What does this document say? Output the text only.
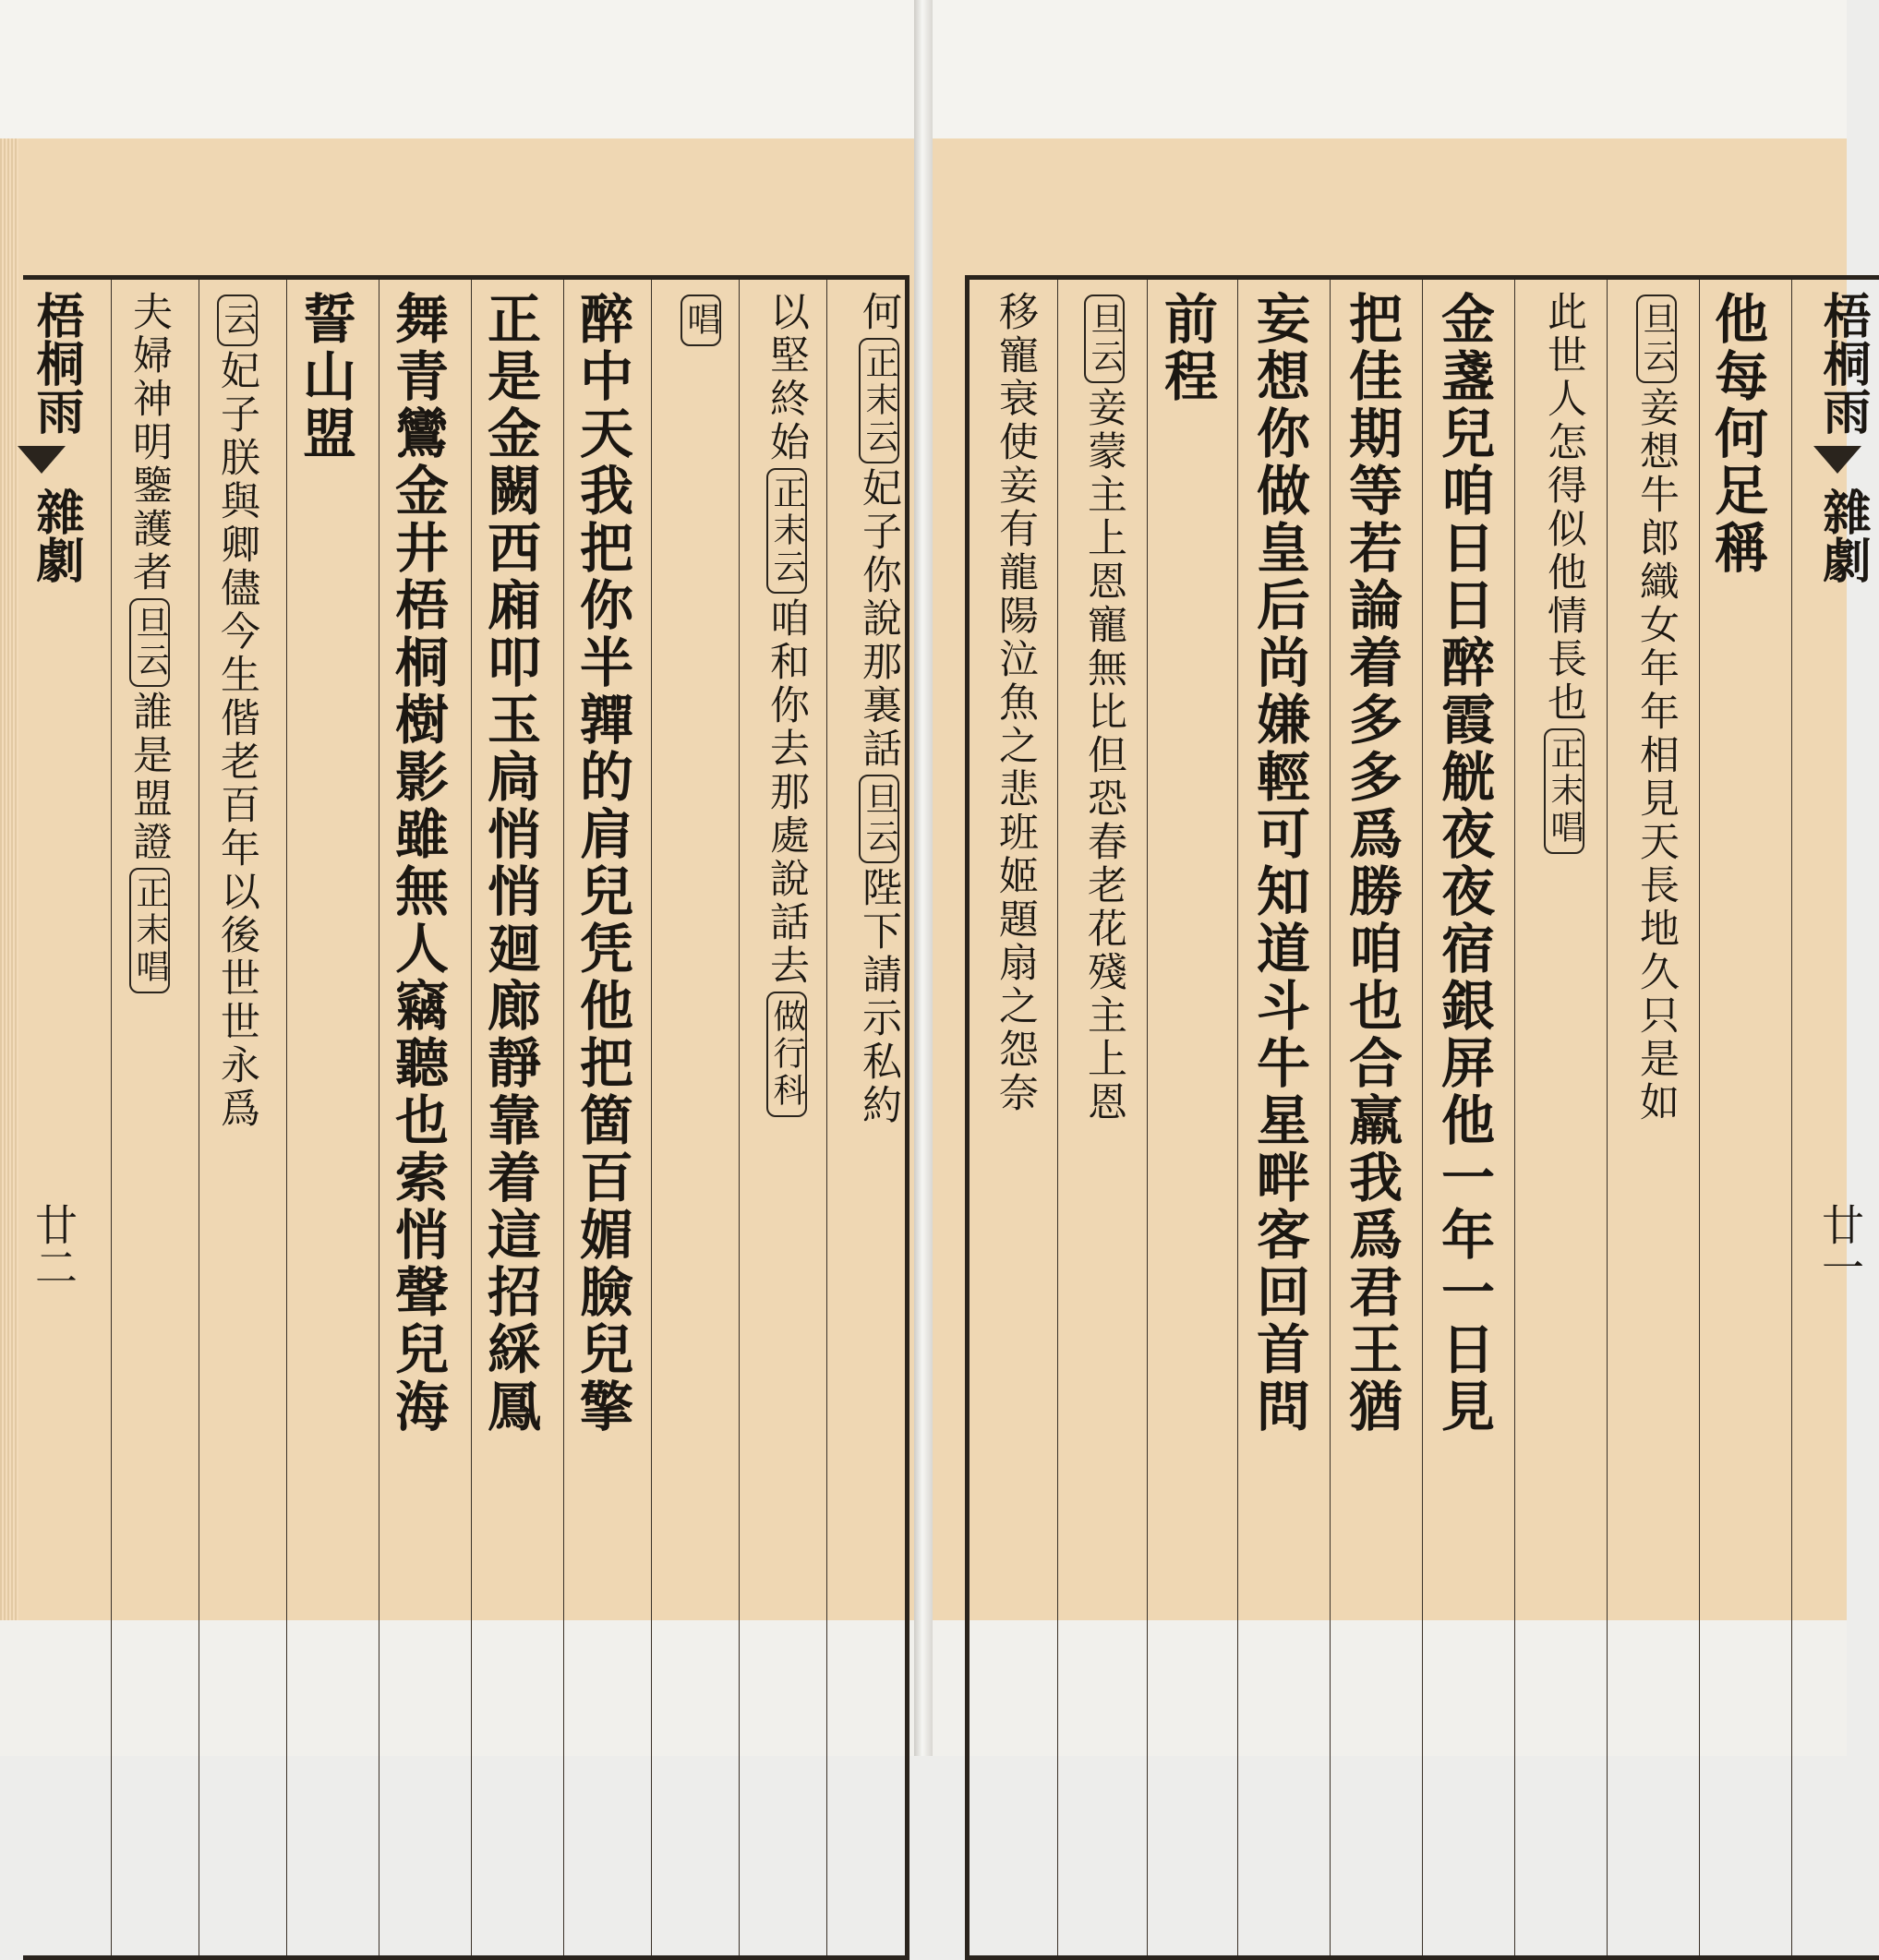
何正末云妃子你說那裏話旦云陛下請示私約
以堅終始正末云咱和你去那處說話去做行科
唱
醉中天我把你半嚲的肩兒凭他把箇百媚臉兒擎
正是金闕西廂叩玉扃悄悄廻廊靜靠着這招綵鳳
舞青鸞金井梧桐樹影雖無人竊聽也索悄聲兒海
誓山盟
云妃子朕與卿儘今生偕老百年以後世世永爲
夫婦神明鑒護者旦云誰是盟證正末唱
梧桐雨
雜劇
廿二
他每何足稱
旦云妾想牛郎織女年年相見天長地久只是如
此世人怎得似他情長也正末唱
金盞兒咱日日醉霞觥夜夜宿銀屏他一年一日見
把佳期等若論着多多爲勝咱也合羸我爲君王猶
妄想你做皇后尚嫌輕可知道斗牛星畔客回首問
前程
旦云妾蒙主上恩寵無比但恐春老花殘主上恩
移寵衰使妾有龍陽泣魚之悲班姬題扇之怨奈	梧桐雨
雜劇
廿一
